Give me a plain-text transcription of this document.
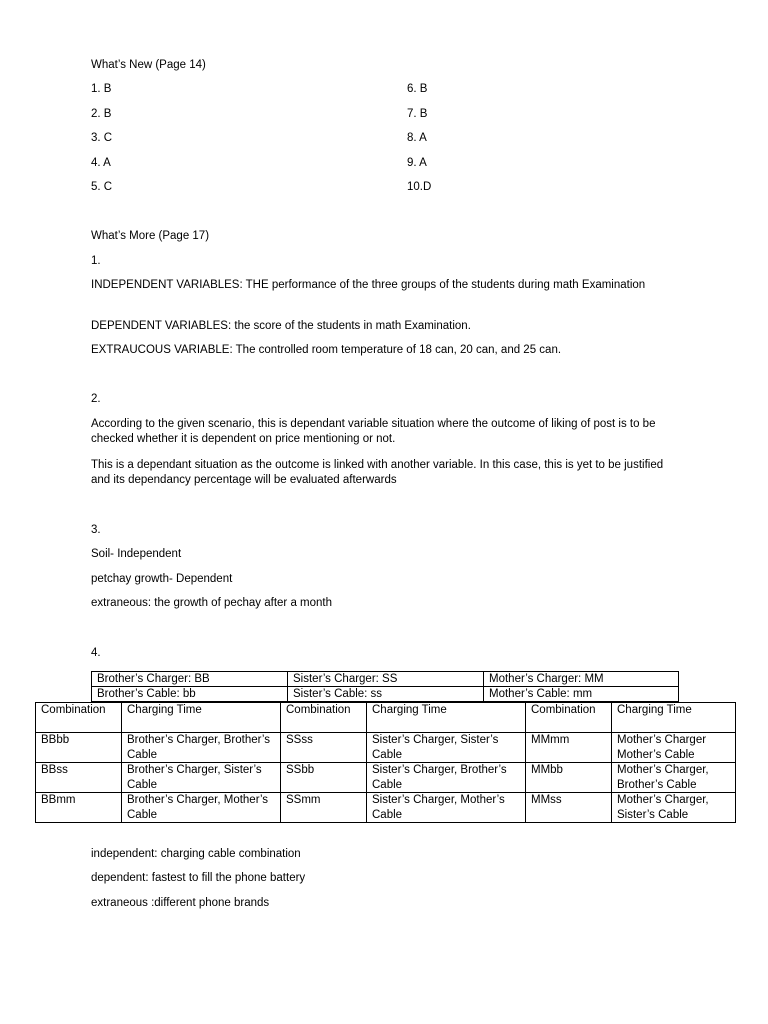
What’s New (Page 14)
1. B
2. B
3. C
4. A
5. C
6. B
7. B
8. A
9. A
10.D
What’s More (Page 17)
1.
INDEPENDENT VARIABLES: THE performance of the three groups of the students during math Examination
DEPENDENT VARIABLES: the score of the students in math Examination.
EXTRAUCOUS VARIABLE: The controlled room temperature of 18 can, 20 can, and 25 can.
2.
According to the given scenario, this is dependant variable situation where the outcome of liking of post is to be checked whether it is dependent on price mentioning or not.
This is a dependant situation as the outcome is linked with another variable. In this case, this is yet to be justified and its dependancy percentage will be evaluated afterwards
3.
Soil- Independent
petchay growth- Dependent
extraneous: the growth of pechay after a month
4.
Brother’s Charger: BB	Sister’s Charger: SS	Mother’s Charger: MM
Brother’s Cable: bb	Sister’s Cable: ss	Mother’s Cable: mm
Combination	Charging Time	Combination	Charging Time	Combination	Charging Time
BBbb	Brother’s Charger, Brother’s Cable	SSss	Sister’s Charger, Sister’s Cable	MMmm	Mother’s Charger Mother’s Cable
BBss	Brother’s Charger, Sister’s Cable	SSbb	Sister’s Charger, Brother’s Cable	MMbb	Mother’s Charger, Brother’s Cable
BBmm	Brother’s Charger, Mother’s Cable	SSmm	Sister’s Charger, Mother’s Cable	MMss	Mother’s Charger, Sister’s Cable
independent: charging cable combination
dependent: fastest to fill the phone battery
extraneous :different phone brands
